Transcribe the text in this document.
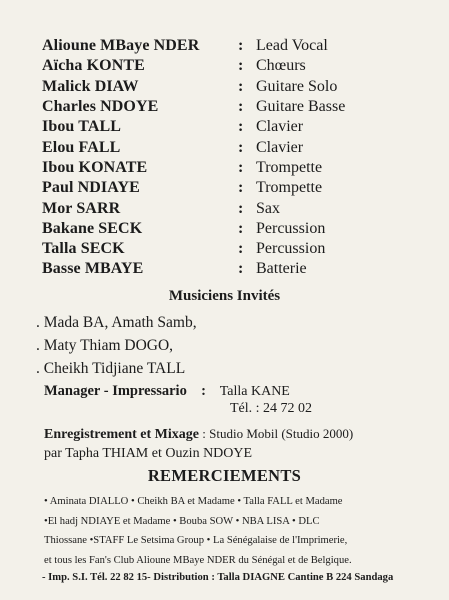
Alioune MBaye NDER	: Lead Vocal
Aïcha KONTE	: Chœurs
Malick DIAW	: Guitare Solo
Charles NDOYE	: Guitare Basse
Ibou TALL	: Clavier
Elou FALL	: Clavier
Ibou KONATE	: Trompette
Paul NDIAYE	: Trompette
Mor SARR	: Sax
Bakane SECK	: Percussion
Talla SECK	: Percussion
Basse MBAYE	: Batterie
Musiciens Invités
. Mada BA, Amath Samb,
. Maty Thiam DOGO,
. Cheikh Tidjiane TALL
Manager - Impressario : Talla KANE
Tél. : 24 72 02
Enregistrement et Mixage : Studio Mobil (Studio 2000)
par Tapha THIAM et Ouzin NDOYE
REMERCIEMENTS
• Aminata DIALLO • Cheikh BA et Madame • Talla FALL et Madame
•El hadj NDIAYE et Madame • Bouba SOW • NBA LISA • DLC
Thiossane •STAFF Le Setsima Group • La Sénégalaise de l'Imprimerie,
et tous les Fan's Club Alioune MBaye NDER du Sénégal et de Belgique.
- Imp. S.I. Tél. 22 82 15- Distribution : Talla DIAGNE Cantine B 224 Sandaga
